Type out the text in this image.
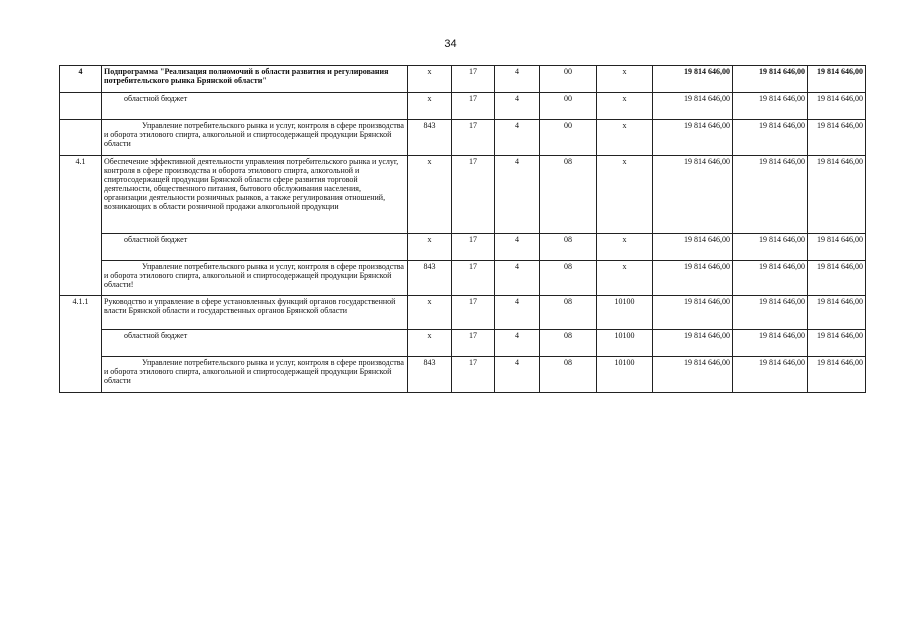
34
4	Подпрограмма "Реализация полномочий в области развития и регулирования потребительского рынка Брянской области"	x	17	4	00	x	19 814 646,00	19 814 646,00	19 814 646,00
	областной бюджет	x	17	4	00	x	19 814 646,00	19 814 646,00	19 814 646,00
	Управление потребительского рынка и услуг, контроля в сфере производства и оборота этилового спирта, алкогольной и спиртосодержащей продукции Брянской области	843	17	4	00	x	19 814 646,00	19 814 646,00	19 814 646,00
4.1	Обеспечение эффективной деятельности управления потребительского рынка и услуг, контроля в сфере производства и оборота этилового спирта, алкогольной и спиртосодержащей продукции Брянской области сфере развития торговой деятельности, общественного питания, бытового обслуживания населения, организации деятельности розничных рынков, а также регулирования отношений, возникающих в области розничной продажи алкогольной продукции	x	17	4	08	x	19 814 646,00	19 814 646,00	19 814 646,00
	областной бюджет	x	17	4	08	x	19 814 646,00	19 814 646,00	19 814 646,00
	Управление потребительского рынка и услуг, контроля в сфере производства и оборота этилового спирта, алкогольной и спиртосодержащей продукции Брянской области!	843	17	4	08	x	19 814 646,00	19 814 646,00	19 814 646,00
4.1.1	Руководство и управление в сфере установленных функций органов государственной власти Брянской области и государственных органов Брянской области	x	17	4	08	10100	19 814 646,00	19 814 646,00	19 814 646,00
	областной бюджет	x	17	4	08	10100	19 814 646,00	19 814 646,00	19 814 646,00
	Управление потребительского рынка и услуг, контроля в сфере производства и оборота этилового спирта, алкогольной и спиртосодержащей продукции Брянской области	843	17	4	08	10100	19 814 646,00	19 814 646,00	19 814 646,00
